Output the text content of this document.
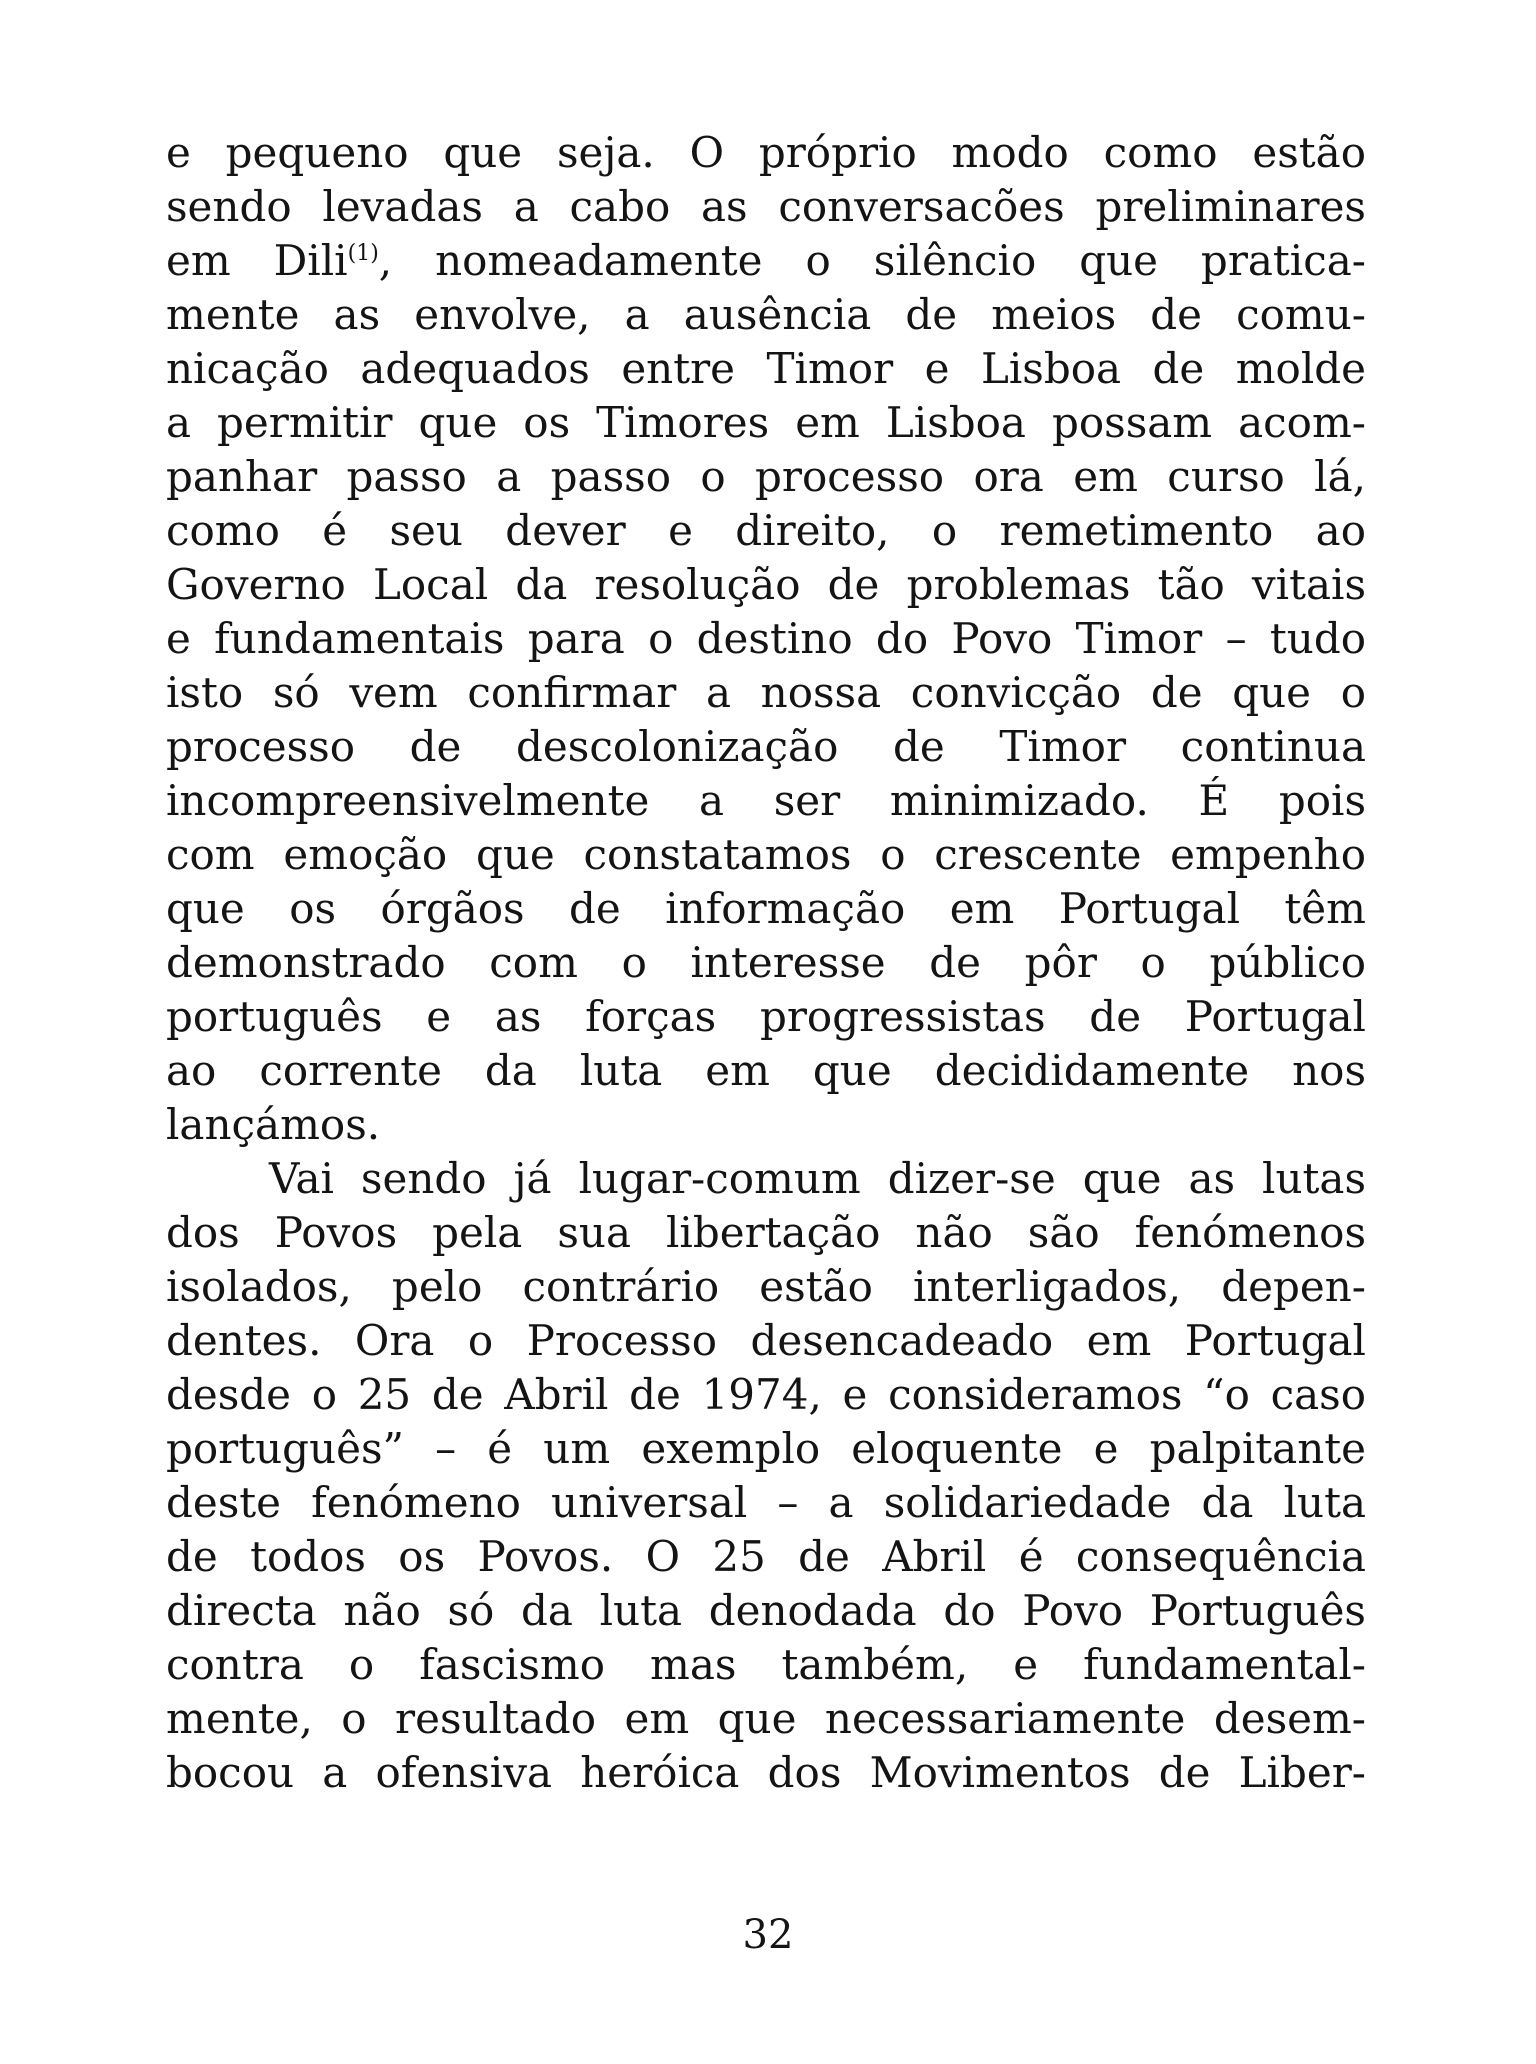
e pequeno que seja. O próprio modo como estão
sendo levadas a cabo as conversacões preliminares
em Dili$^{(1)}$, nomeadamente o silêncio que pratica-
mente as envolve, a ausência de meios de comu-
nicação adequados entre Timor e Lisboa de molde
a permitir que os Timores em Lisboa possam acom-
panhar passo a passo o processo ora em curso lá,
como é seu dever e direito, o remetimento ao
Governo Local da resolução de problemas tão vitais
e fundamentais para o destino do Povo Timor – tudo
isto só vem confirmar a nossa convicção de que o
processo de descolonização de Timor continua
incompreensivelmente a ser minimizado. É pois
com emoção que constatamos o crescente empenho
que os órgãos de informação em Portugal têm
demonstrado com o interesse de pôr o público
português e as forças progressistas de Portugal
ao corrente da luta em que decididamente nos
lançámos.
Vai sendo já lugar-comum dizer-se que as lutas
dos Povos pela sua libertação não são fenómenos
isolados, pelo contrário estão interligados, depen-
dentes. Ora o Processo desencadeado em Portugal
desde o 25 de Abril de 1974, e consideramos “o caso
português” – é um exemplo eloquente e palpitante
deste fenómeno universal – a solidariedade da luta
de todos os Povos. O 25 de Abril é consequência
directa não só da luta denodada do Povo Português
contra o fascismo mas também, e fundamental-
mente, o resultado em que necessariamente desem-
bocou a ofensiva heróica dos Movimentos de Liber-
32
